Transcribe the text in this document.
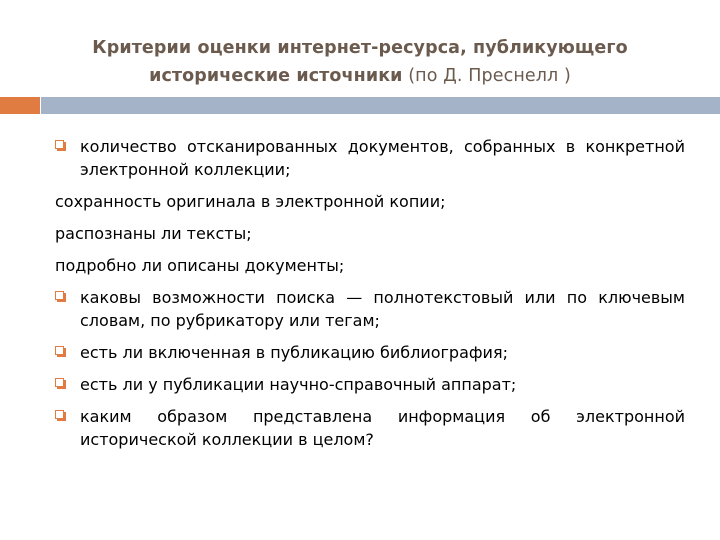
Критерии оценки интернет-ресурса, публикующего исторические источники (по Д. Преснелл )
количество отсканированных документов, собранных в конкретной электронной коллекции;
сохранность оригинала в электронной копии;
распознаны ли тексты;
подробно ли описаны документы;
каковы возможности поиска — полнотекстовый или по ключевым словам, по рубрикатору или тегам;
есть ли включенная в публикацию библиография;
есть ли у публикации научно-справочный аппарат;
каким образом представлена информация об электронной исторической коллекции в целом?
